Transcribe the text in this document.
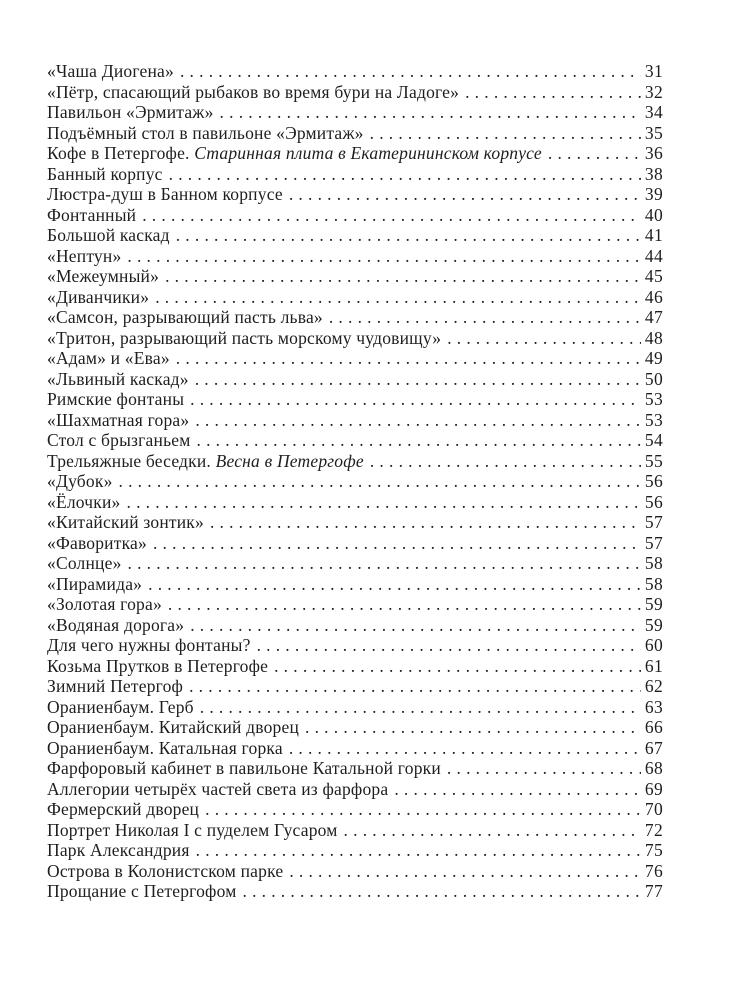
«Чаша Диогена» .....	31
«Пётр, спасающий рыбаков во время бури на Ладоге» .....	32
Павильон «Эрмитаж» .....	34
Подъёмный стол в павильоне «Эрмитаж» .....	35
Кофе в Петергофе. Старинная плита в Екатерининском корпусе .....	36
Банный корпус .....	38
Люстра-душ в Банном корпусе .....	39
Фонтанный .....	40
Большой каскад .....	41
«Нептун» .....	44
«Межеумный» .....	45
«Диванчики» .....	46
«Самсон, разрывающий пасть льва» .....	47
«Тритон, разрывающий пасть морскому чудовищу» .....	48
«Адам» и «Ева» .....	49
«Львиный каскад» .....	50
Римские фонтаны .....	53
«Шахматная гора» .....	53
Стол с брызганьем .....	54
Трельяжные беседки. Весна в Петергофе .....	55
«Дубок» .....	56
«Ёлочки» .....	56
«Китайский зонтик» .....	57
«Фаворитка» .....	57
«Солнце» .....	58
«Пирамида» .....	58
«Золотая гора» .....	59
«Водяная дорога» .....	59
Для чего нужны фонтаны? .....	60
Козьма Прутков в Петергофе .....	61
Зимний Петергоф .....	62
Ораниенбаум. Герб .....	63
Ораниенбаум. Китайский дворец .....	66
Ораниенбаум. Катальная горка .....	67
Фарфоровый кабинет в павильоне Катальной горки .....	68
Аллегории четырёх частей света из фарфора .....	69
Фермерский дворец .....	70
Портрет Николая I с пуделем Гусаром .....	72
Парк Александрия .....	75
Острова в Колонистском парке .....	76
Прощание с Петергофом .....	77
